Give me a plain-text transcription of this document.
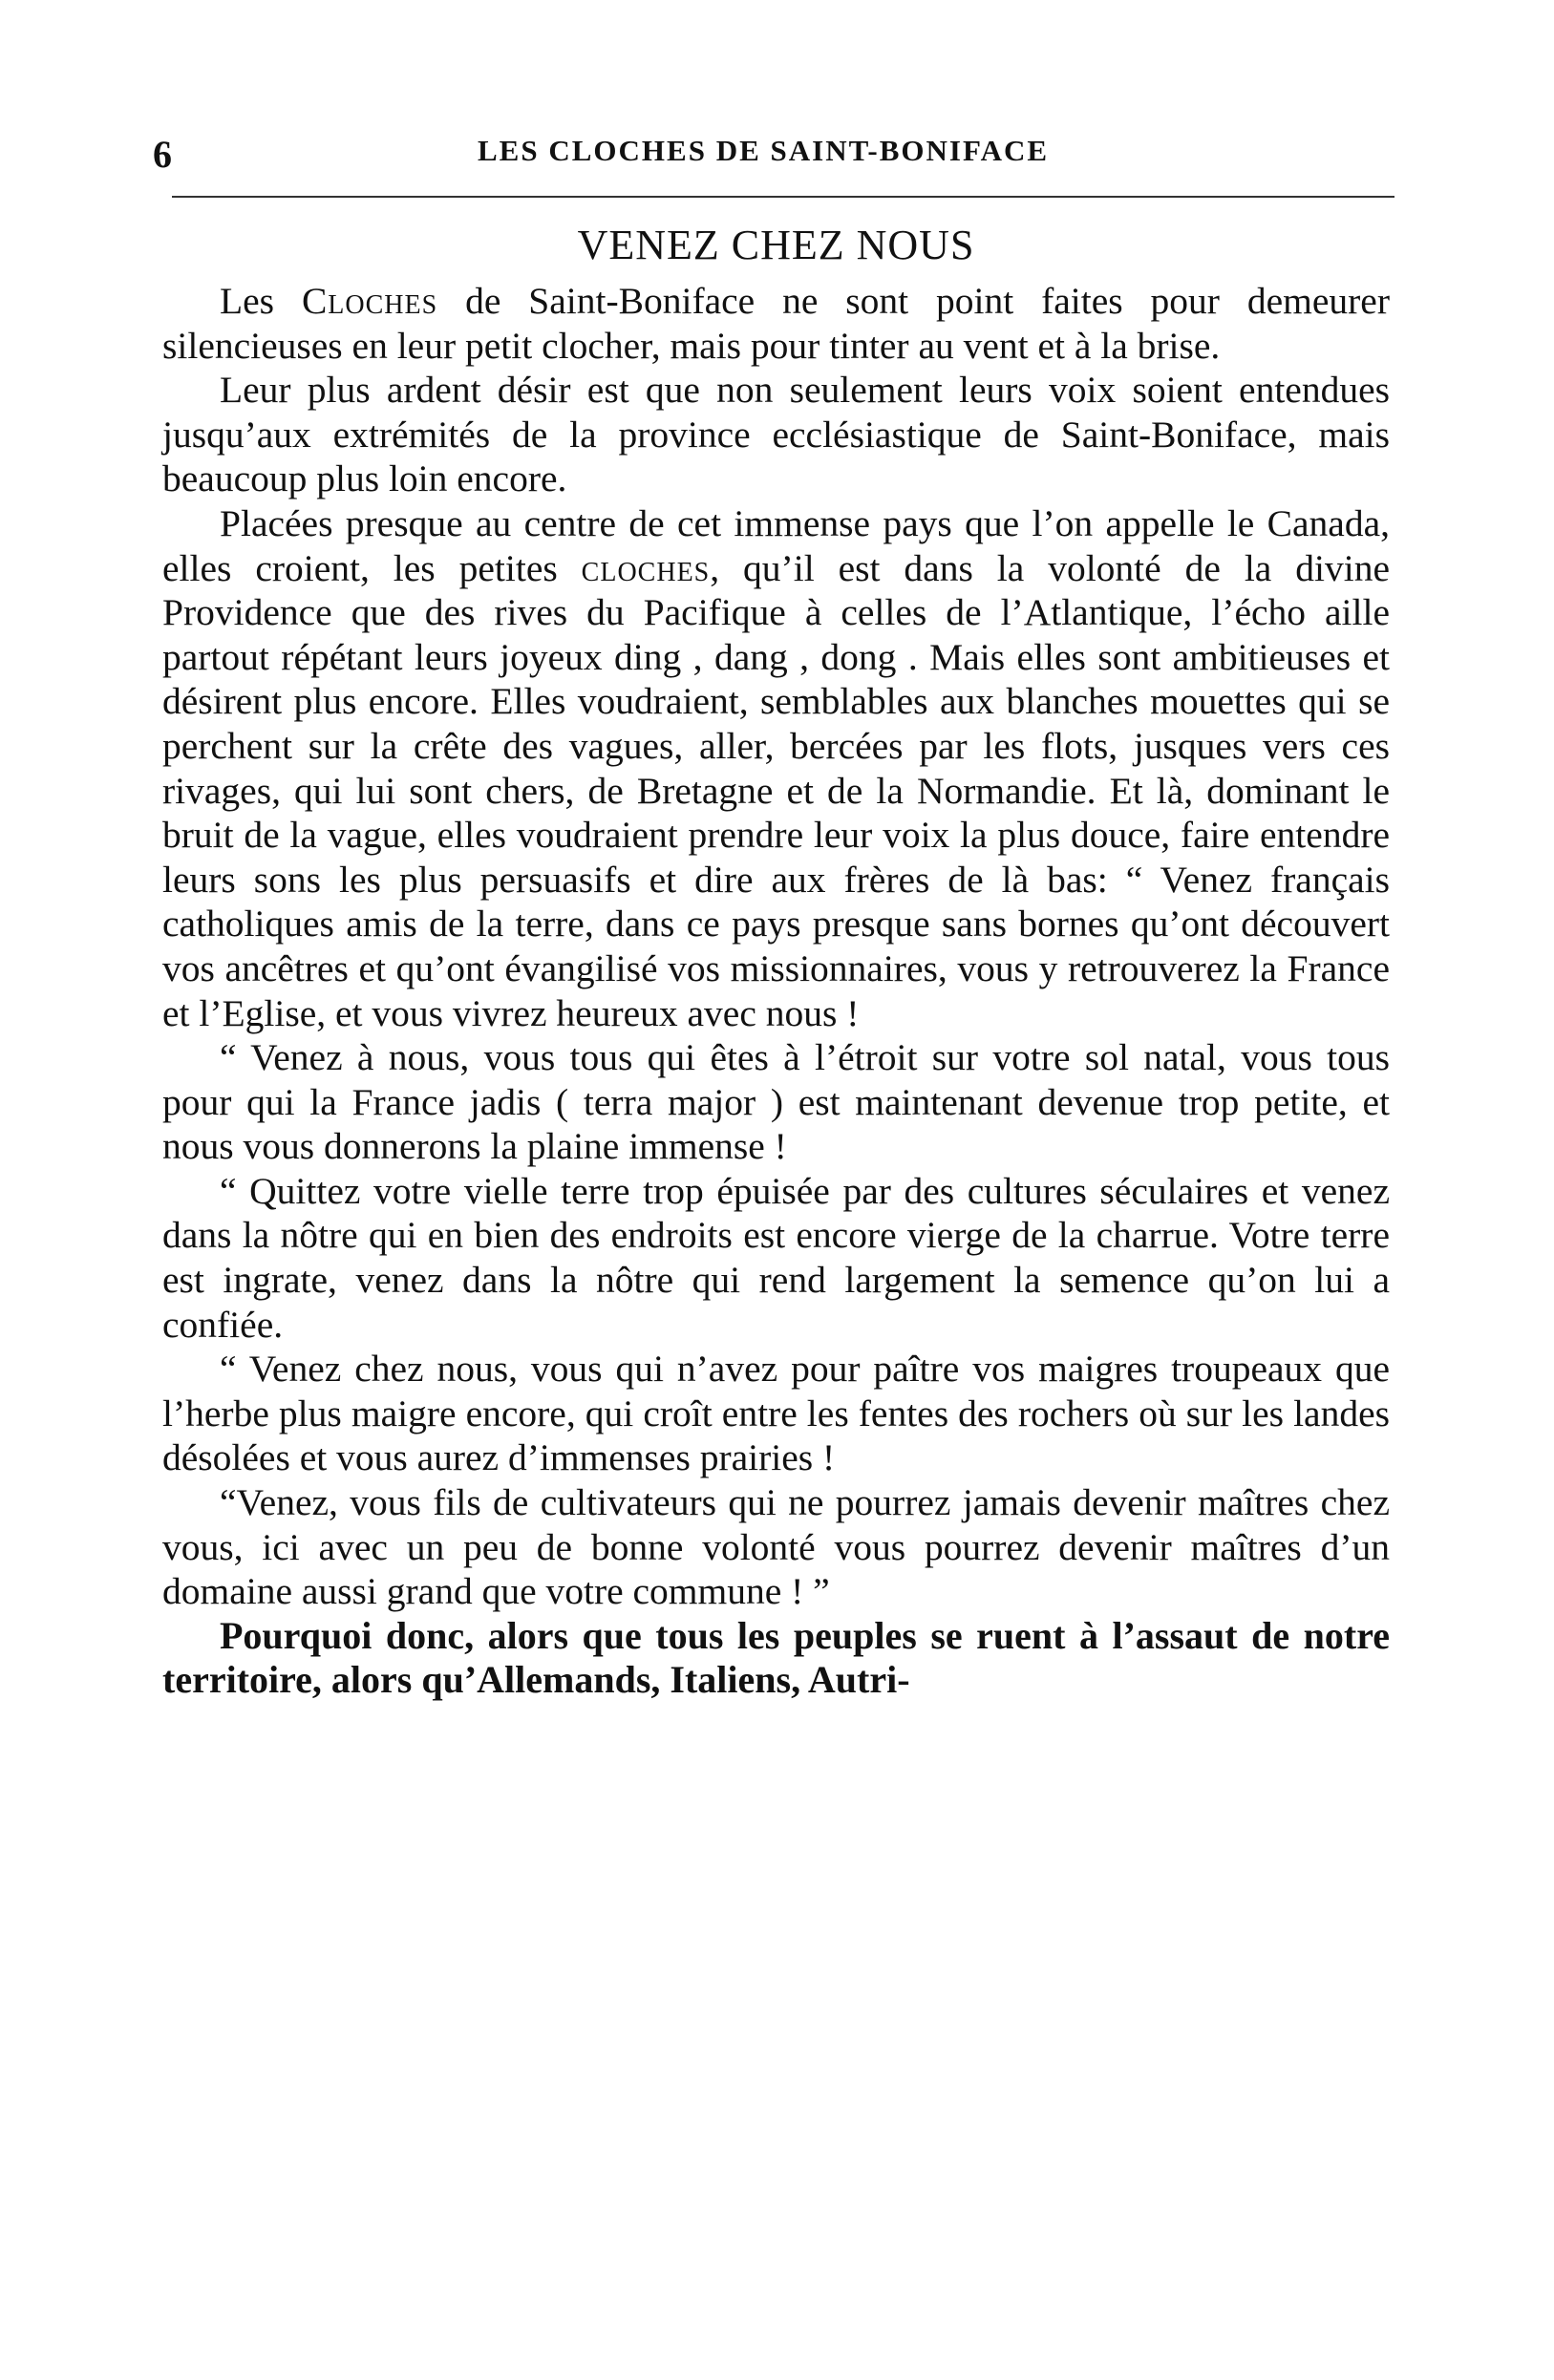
6	LES CLOCHES DE SAINT-BONIFACE
VENEZ CHEZ NOUS

Les Cloches de Saint-Boniface ne sont point faites pour demeurer silencieuses en leur petit clocher, mais pour tinter au vent et à la brise.

Leur plus ardent désir est que non seulement leurs voix soient entendues jusqu’aux extrémités de la province ecclésiastique de Saint-Boniface, mais beaucoup plus loin encore.

Placées presque au centre de cet immense pays que l’on appelle le Canada, elles croient, les petites cloches, qu’il est dans la volonté de la divine Providence que des rives du Pacifique à celles de l’Atlantique, l’écho aille partout répétant leurs joyeux ding , dang , dong . Mais elles sont ambitieuses et désirent plus encore. Elles voudraient, semblables aux blanches mouettes qui se perchent sur la crête des vagues, aller, bercées par les flots, jusques vers ces rivages, qui lui sont chers, de Bretagne et de la Normandie. Et là, dominant le bruit de la vague, elles voudraient prendre leur voix la plus douce, faire entendre leurs sons les plus persuasifs et dire aux frères de là bas: “ Venez français catholiques amis de la terre, dans ce pays presque sans bornes qu’ont découvert vos ancêtres et qu’ont évangilisé vos missionnaires, vous y retrouverez la France et l’Eglise, et vous vivrez heureux avec nous !

“ Venez à nous, vous tous qui êtes à l’étroit sur votre sol natal, vous tous pour qui la France jadis ( terra major ) est maintenant devenue trop petite, et nous vous donnerons la plaine immense !

“ Quittez votre vielle terre trop épuisée par des cultures séculaires et venez dans la nôtre qui en bien des endroits est encore vierge de la charrue. Votre terre est ingrate, venez dans la nôtre qui rend largement la semence qu’on lui a confiée.

“ Venez chez nous, vous qui n’avez pour paître vos maigres troupeaux que l’herbe plus maigre encore, qui croît entre les fentes des rochers où sur les landes désolées et vous aurez d’immenses prairies !

“Venez, vous fils de cultivateurs qui ne pourrez jamais devenir maîtres chez vous, ici avec un peu de bonne volonté vous pourrez devenir maîtres d’un domaine aussi grand que votre commune ! ”

Pourquoi donc, alors que tous les peuples se ruent à l’assaut de notre territoire, alors qu’Allemands, Italiens, Autri-
